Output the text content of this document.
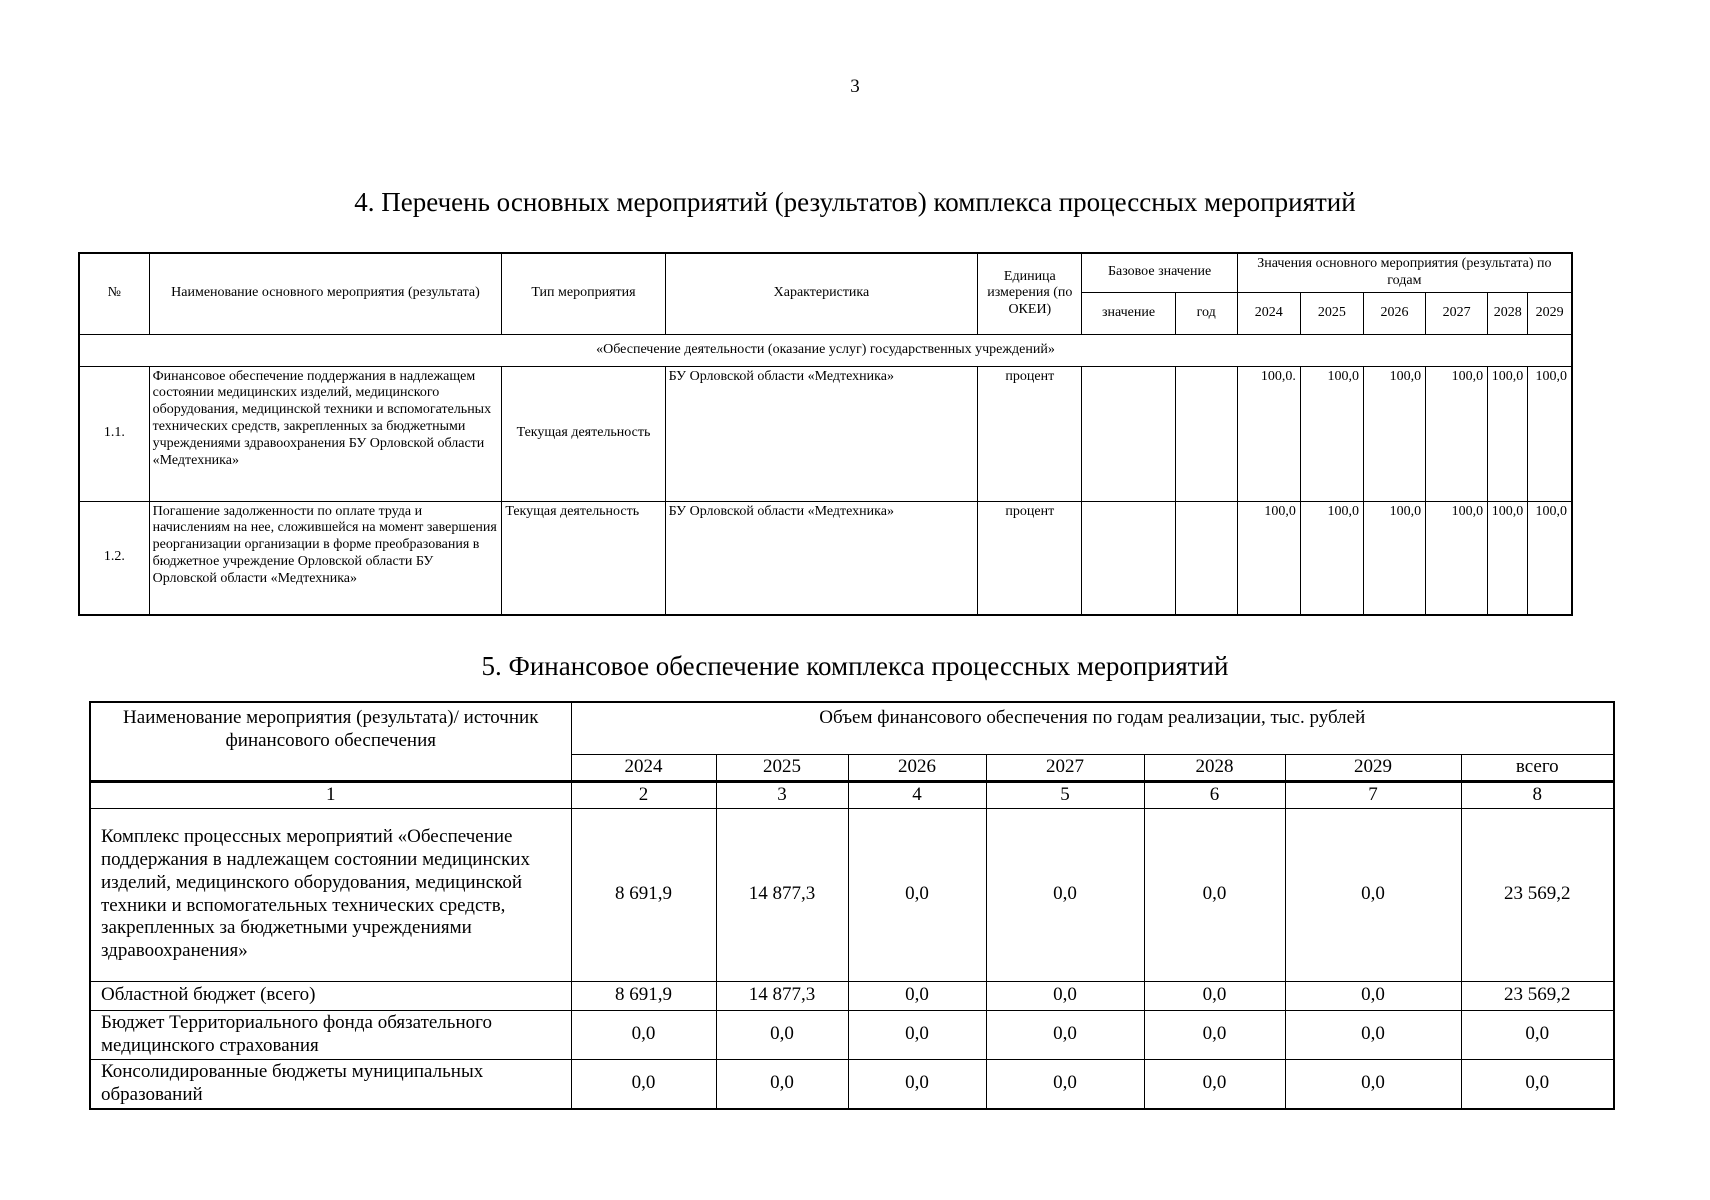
3
4. Перечень основных мероприятий (результатов) комплекса процессных мероприятий
№	Наименование основного мероприятия (результата)	Тип мероприятия	Характеристика	Единица измерения (по ОКЕИ)	Базовое значение		Значения основного мероприятия (результата) по годам					
					значение	год	2024	2025	2026	2027	2028	2029
«Обеспечение деятельности (оказание услуг) государственных учреждений»												
1.1.	Финансовое обеспечение поддержания в надлежащем состоянии медицинских изделий, медицинского оборудования, медицинской техники и вспомогательных технических средств, закрепленных за бюджетными учреждениями здравоохранения БУ Орловской области «Медтехника»	Текущая деятельность	БУ Орловской области «Медтехника»	процент			100,0.	100,0	100,0	100,0	100,0	100,0
1.2.	Погашение задолженности по оплате труда и начислениям на нее, сложившейся на момент завершения реорганизации организации в форме преобразования в бюджетное учреждение Орловской области БУ Орловской области «Медтехника»	Текущая деятельность	БУ Орловской области «Медтехника»	процент			100,0	100,0	100,0	100,0	100,0	100,0
5. Финансовое обеспечение комплекса процессных мероприятий
Наименование мероприятия (результата)/ источник финансового обеспечения	Объем финансового обеспечения по годам реализации, тыс. рублей						
	2024	2025	2026	2027	2028	2029	всего
1	2	3	4	5	6	7	8
Комплекс процессных мероприятий «Обеспечение поддержания в надлежащем состоянии медицинских изделий, медицинского оборудования, медицинской техники и вспомогательных технических средств, закрепленных за бюджетными учреждениями здравоохранения»	8 691,9	14 877,3	0,0	0,0	0,0	0,0	23 569,2
Областной бюджет (всего)	8 691,9	14 877,3	0,0	0,0	0,0	0,0	23 569,2
Бюджет Территориального фонда обязательного медицинского страхования	0,0	0,0	0,0	0,0	0,0	0,0	0,0
Консолидированные бюджеты муниципальных образований	0,0	0,0	0,0	0,0	0,0	0,0	0,0
